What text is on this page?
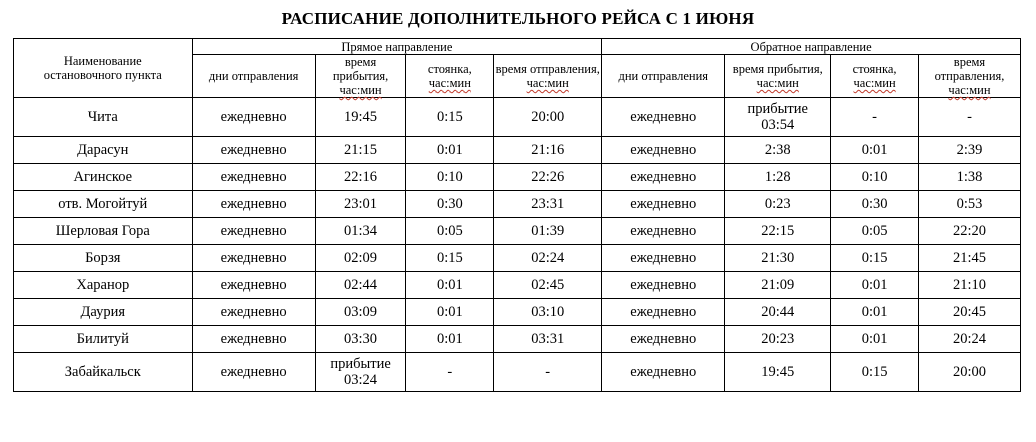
РАСПИСАНИЕ ДОПОЛНИТЕЛЬНОГО РЕЙСА С 1 ИЮНЯ
Наименование остановочного пункта	Прямое направление				Обратное направление			
	дни отправления	время прибытия,
час:мин	стоянка,
час:мин	время отправления,
час:мин	дни отправления	время прибытия,
час:мин	стоянка,
час:мин	время отправления,
час:мин
Чита	ежедневно	19:45	0:15	20:00	ежедневно	прибытие
03:54	-	-
Дарасун	ежедневно	21:15	0:01	21:16	ежедневно	2:38	0:01	2:39
Агинское	ежедневно	22:16	0:10	22:26	ежедневно	1:28	0:10	1:38
отв. Могойтуй	ежедневно	23:01	0:30	23:31	ежедневно	0:23	0:30	0:53
Шерловая Гора	ежедневно	01:34	0:05	01:39	ежедневно	22:15	0:05	22:20
Борзя	ежедневно	02:09	0:15	02:24	ежедневно	21:30	0:15	21:45
Харанор	ежедневно	02:44	0:01	02:45	ежедневно	21:09	0:01	21:10
Даурия	ежедневно	03:09	0:01	03:10	ежедневно	20:44	0:01	20:45
Билитуй	ежедневно	03:30	0:01	03:31	ежедневно	20:23	0:01	20:24
Забайкальск	ежедневно	прибытие
03:24	-	-	ежедневно	19:45	0:15	20:00
